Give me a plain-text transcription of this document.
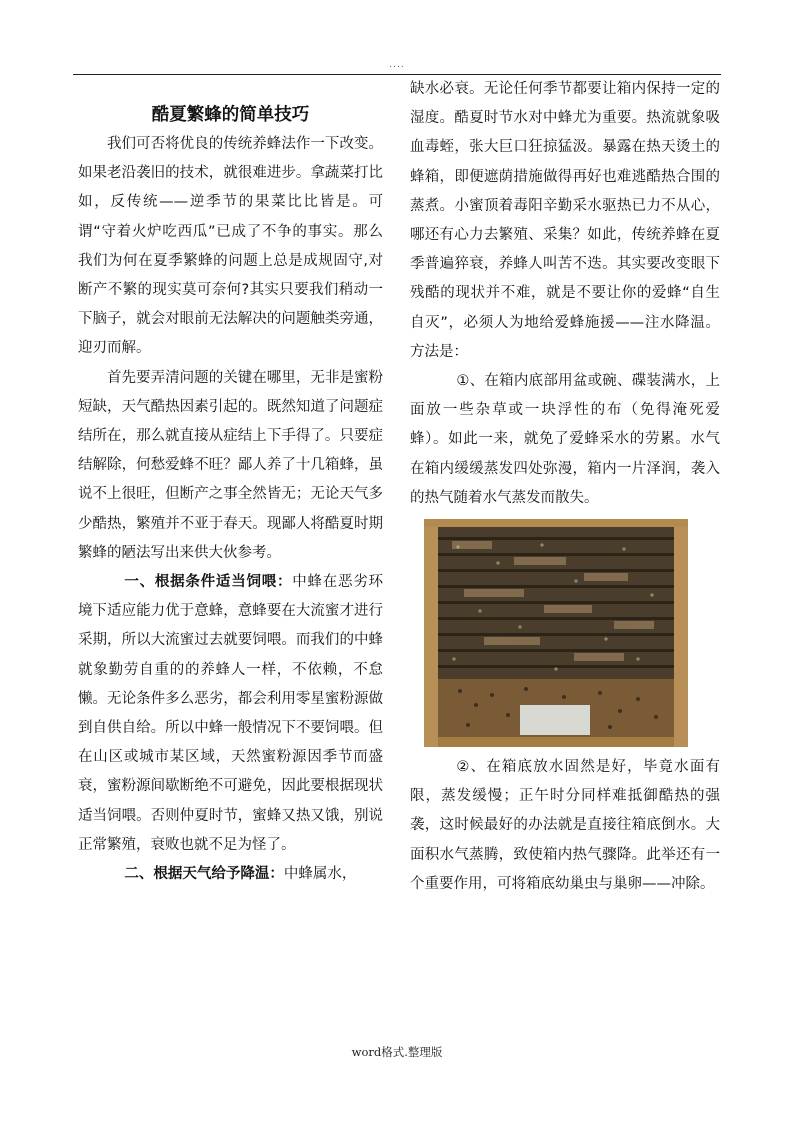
....

酷夏繁蜂的简单技巧

我们可否将优良的传统养蜂法作一下改变。如果老沿袭旧的技术，就很难进步。拿蔬菜打比如，反传统——逆季节的果菜比比皆是。可谓“守着火炉吃西瓜”已成了不争的事实。那么我们为何在夏季繁蜂的问题上总是成规固守,对断产不繁的现实莫可奈何?其实只要我们稍动一下脑子，就会对眼前无法解决的问题触类旁通，迎刃而解。

首先要弄清问题的关键在哪里，无非是蜜粉短缺，天气酷热因素引起的。既然知道了问题症结所在，那么就直接从症结上下手得了。只要症结解除，何愁爱蜂不旺？鄙人养了十几箱蜂，虽说不上很旺，但断产之事全然皆无；无论天气多少酷热，繁殖并不亚于春天。现鄙人将酷夏时期繁蜂的陋法写出来供大伙参考。

一、根据条件适当饲喂：中蜂在恶劣环境下适应能力优于意蜂，意蜂要在大流蜜才进行采期，所以大流蜜过去就要饲喂。而我们的中蜂就象勤劳自重的的养蜂人一样，不依赖，不怠懒。无论条件多么恶劣，都会利用零星蜜粉源做到自供自给。所以中蜂一般情况下不要饲喂。但在山区或城市某区域，天然蜜粉源因季节而盛衰，蜜粉源间歇断绝不可避免，因此要根据现状适当饲喂。否则仲夏时节，蜜蜂又热又饿，别说正常繁殖，衰败也就不足为怪了。

二、根据天气给予降温：中蜂属水，

缺水必衰。无论任何季节都要让箱内保持一定的湿度。酷夏时节水对中蜂尤为重要。热流就象吸血毒蛭，张大巨口狂掠猛汲。暴露在热天烫土的蜂箱，即便遮荫措施做得再好也难逃酷热合围的蒸煮。小蜜顶着毒阳辛勤采水驱热已力不从心，哪还有心力去繁殖、采集？如此，传统养蜂在夏季普遍猝衰，养蜂人叫苦不迭。其实要改变眼下残酷的现状并不难，就是不要让你的爱蜂“自生自灭”，必须人为地给爱蜂施援——注水降温。方法是：

①、在箱内底部用盆或碗、碟装满水，上面放一些杂草或一块浮性的布（免得淹死爱蜂）。如此一来，就免了爱蜂采水的劳累。水气在箱内缓缓蒸发四处弥漫，箱内一片泽润，袭入的热气随着水气蒸发而散失。

②、在箱底放水固然是好，毕竟水面有限，蒸发缓慢；正午时分同样难抵御酷热的强袭，这时候最好的办法就是直接往箱底倒水。大面积水气蒸腾，致使箱内热气骤降。此举还有一个重要作用，可将箱底幼巢虫与巢卵——冲除。

word格式.整理版
